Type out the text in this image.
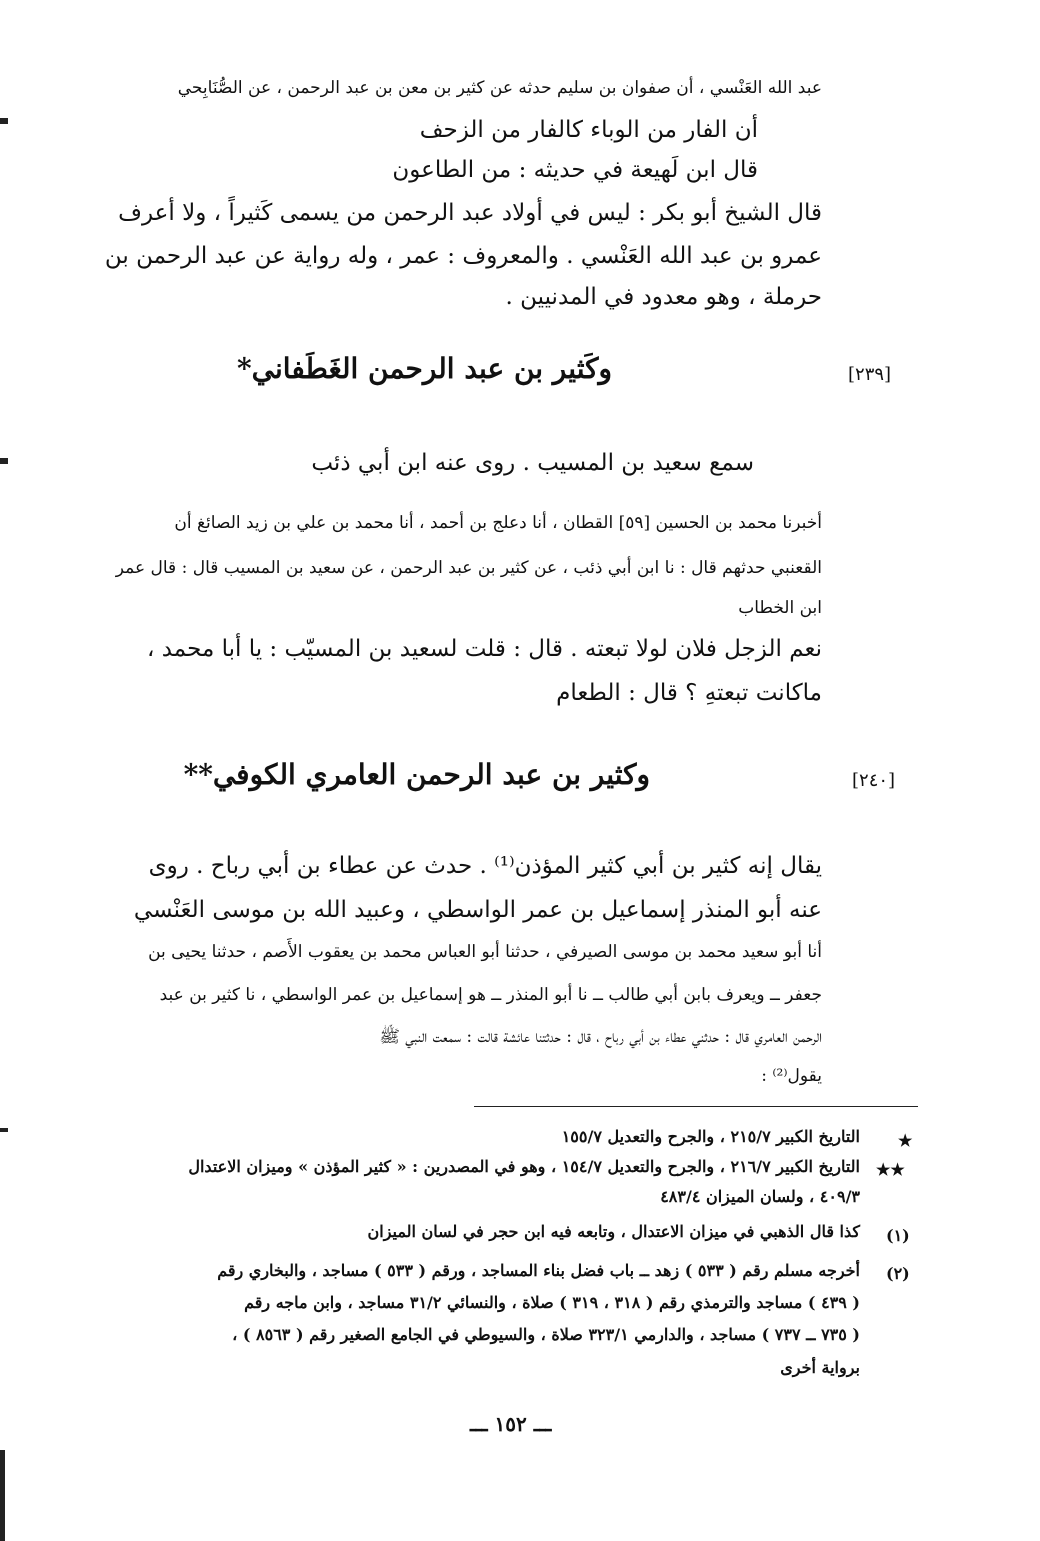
عبد الله العَنْسي ، أن صفوان بن سليم حدثه عن كثير بن معن بن عبد الرحمن ، عن الصُّنَابِحي
أن الفار من الوباء كالفار من الزحف
قال ابن لَهيعة في حديثه : من الطاعون
قال الشيخ أبو بكر : ليس في أولاد عبد الرحمن من يسمى كَثيراً ، ولا أعرف
عمرو بن عبد الله العَنْسي . والمعروف : عمر ، وله رواية عن عبد الرحمن بن
حرملة ، وهو معدود في المدنيين .
[٢٣٩]
وكَثير بن عبد الرحمن الغَطَفاني*
سمع سعيد بن المسيب . روى عنه ابن أبي ذئب
أخبرنا محمد بن الحسين [٥٩] القطان ، أنا دعلج بن أحمد ، أنا محمد بن علي بن زيد الصائغ أن
القعنبي حدثهم قال : نا ابن أبي ذئب ، عن كثير بن عبد الرحمن ، عن سعيد بن المسيب قال : قال عمر
ابن الخطاب
نعم الزجل فلان لولا تبعته . قال : قلت لسعيد بن المسيّب : يا أبا محمد ،
ماكانت تبعتهِ ؟ قال : الطعام
[٢٤٠]
وكثير بن عبد الرحمن العامري الكوفي**
يقال إنه كثير بن أبي كثير المؤذن⁽¹⁾ . حدث عن عطاء بن أبي رباح . روى
عنه أبو المنذر إسماعيل بن عمر الواسطي ، وعبيد الله بن موسى العَنْسي
أنا أبو سعيد محمد بن موسى الصيرفي ، حدثنا أبو العباس محمد بن يعقوب الأَصم ، حدثنا يحيى بن
جعفر ــ ويعرف بابن أبي طالب ــ نا أبو المنذر ــ هو إسماعيل بن عمر الواسطي ، نا كثير بن عبد
الرحمن العامري قال : حدثني عطاء بن أبي رباح ، قال : حدثتنا عائشة قالت : سمعت النبي ﷺ
يقول⁽²⁾ :
★
التاريخ الكبير ٢١٥/٧ ، والجرح والتعديل ١٥٥/٧
★★
التاريخ الكبير ٢١٦/٧ ، والجرح والتعديل ١٥٤/٧ ، وهو في المصدرين : « كثير المؤذن » وميزان الاعتدال
٤٠٩/٣ ، ولسان الميزان ٤٨٣/٤
(١)
كذا قال الذهبي في ميزان الاعتدال ، وتابعه فيه ابن حجر في لسان الميزان
(٢)
أخرجه مسلم رقم ( ٥٣٣ ) زهد ــ باب فضل بناء المساجد ، ورقم ( ٥٣٣ ) مساجد ، والبخاري رقم
( ٤٣٩ ) مساجد والترمذي رقم ( ٣١٨ ، ٣١٩ ) صلاة ، والنسائي ٣١/٢ مساجد ، وابن ماجه رقم
( ٧٣٥ ــ ٧٣٧ ) مساجد ، والدارمي ٣٢٣/١ صلاة ، والسيوطي في الجامع الصغير رقم ( ٨٥٦٣ ) ،
برواية أخرى
ـــ ١٥٢ ـــ
